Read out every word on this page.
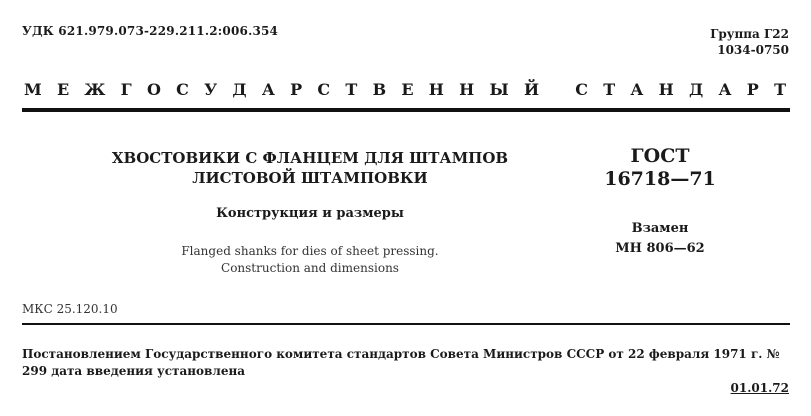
УДК 621.979.073-229.211.2:006.354	Группа Г22
1034-0750
М Е Ж Г О С У Д А Р С Т В Е Н Н Ы Й
С Т А Н Д А Р Т
ХВОСТОВИКИ С ФЛАНЦЕМ ДЛЯ ШТАМПОВ
ЛИСТОВОЙ ШТАМПОВКИ
Конструкция и размеры
Flanged shanks for dies of sheet pressing.
Construction and dimensions
ГОСТ
16718—71
Взамен
МН 806—62
МКС 25.120.10
Постановлением Государственного комитета стандартов Совета Министров СССР от 22 февраля 1971 г. № 299 дата введения установлена
01.01.72
